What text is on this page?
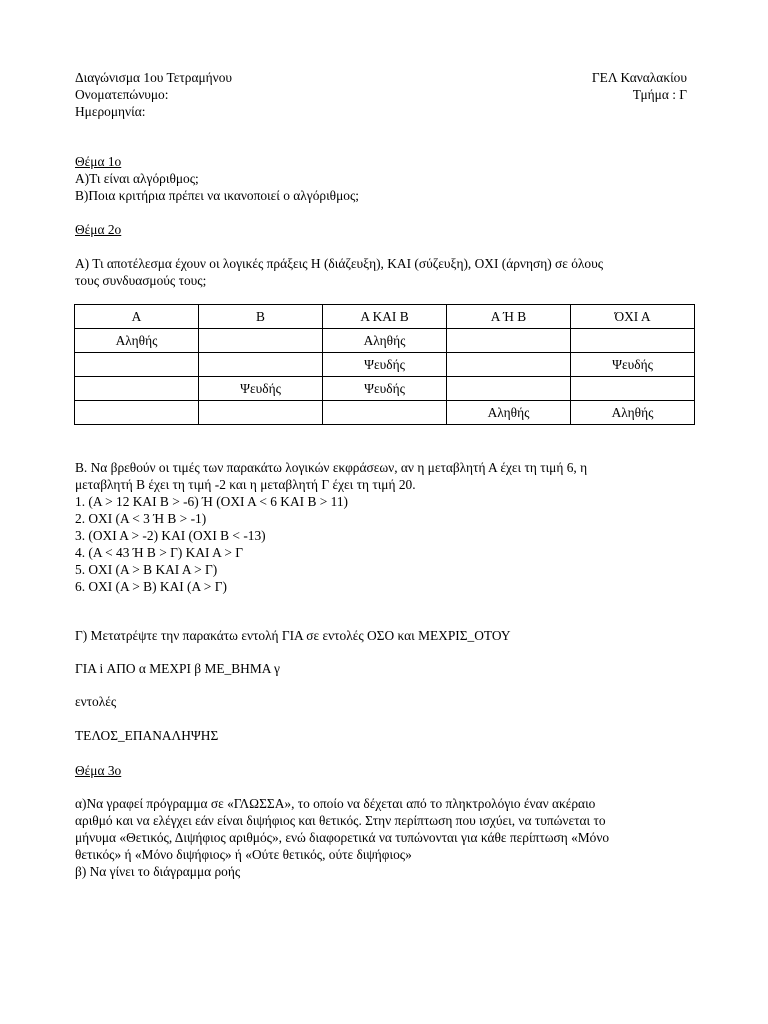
Διαγώνισμα 1ου Τετραμήνου	ΓΕΛ Καναλακίου
Ονοματεπώνυμο:	Τμήμα : Γ
Ημερομηνία:

Θέμα 1ο

Α)Τι είναι αλγόριθμος;

Β)Ποια κριτήρια πρέπει να ικανοποιεί ο αλγόριθμος;

Θέμα 2ο

Α) Τι αποτέλεσμα έχουν οι λογικές πράξεις Η (διάζευξη), ΚΑΙ (σύζευξη), ΟΧΙ (άρνηση) σε όλους

τους συνδυασμούς τους;

Α	Β	Α ΚΑΙ Β	Α Ή Β	ΌΧΙ Α
Αληθής		Αληθής		
		Ψευδής		Ψευδής
	Ψευδής	Ψευδής		
			Αληθής	Αληθής

Β. Να βρεθούν οι τιμές των παρακάτω λογικών εκφράσεων, αν η μεταβλητή Α έχει τη τιμή 6, η

μεταβλητή Β έχει τη τιμή -2 και η μεταβλητή Γ έχει τη τιμή 20.

1. (Α > 12 ΚΑΙ Β > -6) Ή (ΟΧΙ Α < 6 ΚΑΙ Β > 11)

2. ΟΧΙ (Α < 3 Ή Β > -1)

3. (ΟΧΙ Α > -2) ΚΑΙ (ΟΧΙ Β < -13)

4. (Α < 43 Ή Β > Γ) ΚΑΙ Α > Γ

5. ΟΧΙ (Α > Β ΚΑΙ Α > Γ)

6. ΟΧΙ (Α > Β) ΚΑΙ (Α > Γ)

Γ) Μετατρέψτε την παρακάτω εντολή ΓΙΑ σε εντολές ΟΣΟ και ΜΕΧΡΙΣ_ΟΤΟΥ

ΓΙΑ i ΑΠΟ α ΜΕΧΡΙ β ΜΕ_ΒΗΜΑ γ

εντολές

ΤΕΛΟΣ_ΕΠΑΝΑΛΗΨΗΣ

Θέμα 3ο

α)Να γραφεί πρόγραμμα σε «ΓΛΩΣΣΑ», το οποίο να δέχεται από το πληκτρολόγιο έναν ακέραιο

αριθμό και να ελέγχει εάν είναι διψήφιος και θετικός. Στην περίπτωση που ισχύει, να τυπώνεται το

μήνυμα «Θετικός, Διψήφιος αριθμός», ενώ διαφορετικά να τυπώνονται για κάθε περίπτωση «Μόνο

θετικός» ή «Μόνο διψήφιος» ή «Ούτε θετικός, ούτε διψήφιος»

β) Να γίνει το διάγραμμα ροής
